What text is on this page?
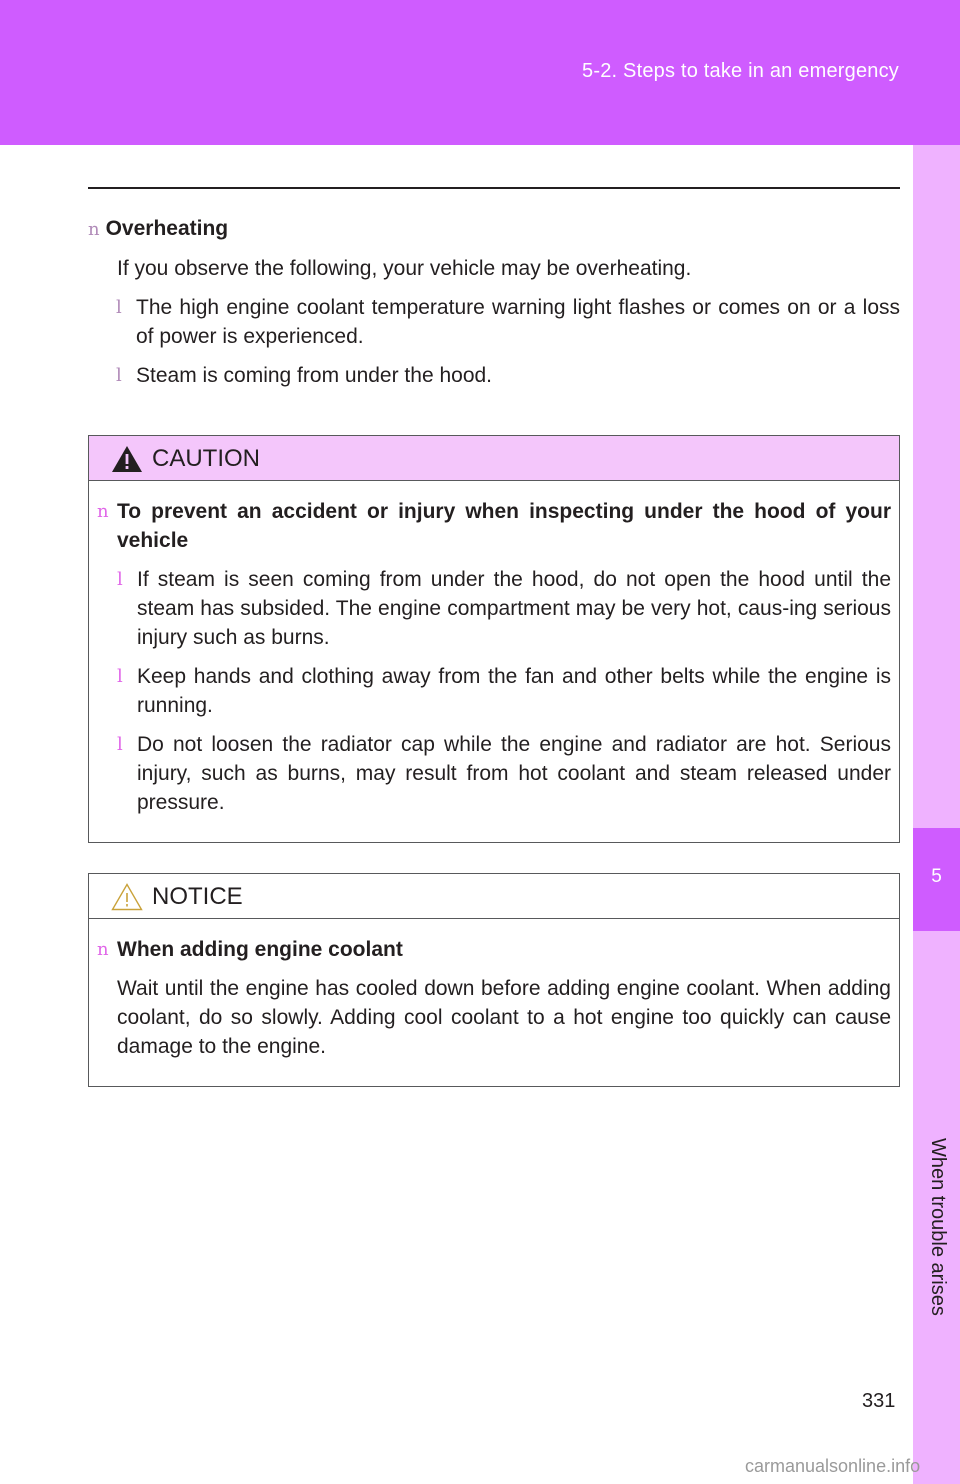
5-2. Steps to take in an emergency
5
When trouble arises
n Overheating
If you observe the following, your vehicle may be overheating.
l The high engine coolant temperature warning light flashes or comes on or a loss of power is experienced.
l Steam is coming from under the hood.
CAUTION
n To prevent an accident or injury when inspecting under the hood of your vehicle
l If steam is seen coming from under the hood, do not open the hood until the steam has subsided. The engine compartment may be very hot, caus-ing serious injury such as burns.
l Keep hands and clothing away from the fan and other belts while the engine is running.
l Do not loosen the radiator cap while the engine and radiator are hot. Serious injury, such as burns, may result from hot coolant and steam released under pressure.
NOTICE
n When adding engine coolant
Wait until the engine has cooled down before adding engine coolant. When adding coolant, do so slowly. Adding cool coolant to a hot engine too quickly can cause damage to the engine.
331
carmanualsonline.info
